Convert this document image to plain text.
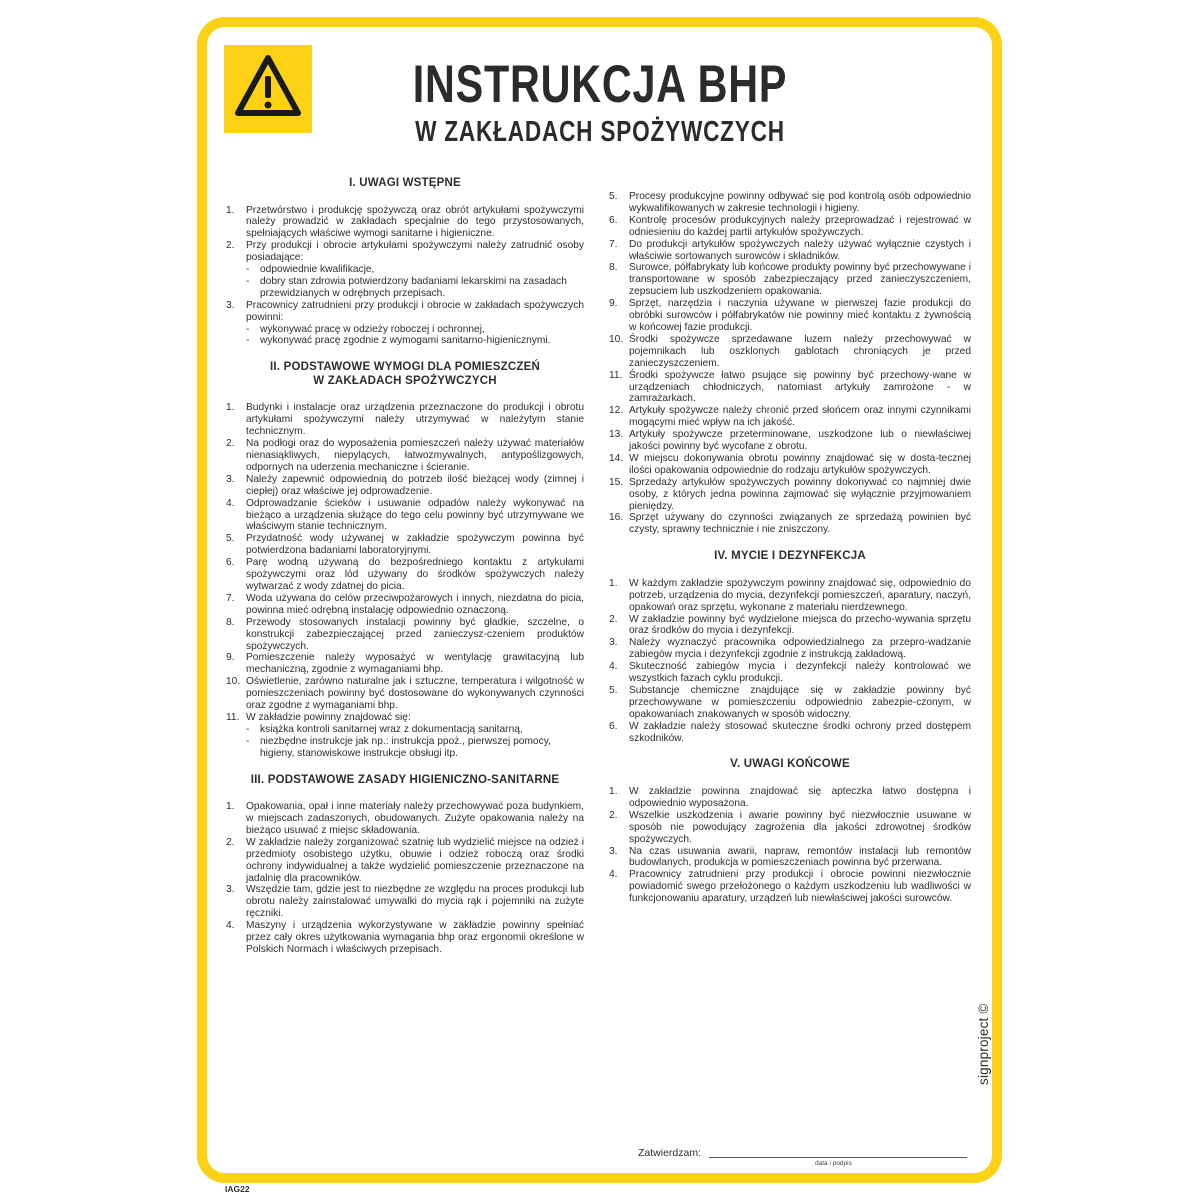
INSTRUKCJA BHP
W ZAKŁADACH SPOŻYWCZYCH
I. UWAGI WSTĘPNE
1.	Przetwórstwo i produkcję spożywczą oraz obrót artykułami spożywczymi należy prowadzić w zakładach specjalnie do tego przystosowanych, spełniających właściwe wymogi sanitarne i higieniczne.
2.	Przy produkcji i obrocie artykułami spożywczymi należy zatrudnić osoby posiadające:
-	odpowiednie kwalifikacje,
-	dobry stan zdrowia potwierdzony badaniami lekarskimi na zasadach przewidzianych w odrębnych przepisach.
3.	Pracownicy zatrudnieni przy produkcji i obrocie w zakładach spożywczych powinni:
-	wykonywać pracę w odzieży roboczej i ochronnej,
-	wykonywać pracę zgodnie z wymogami sanitarno-higienicznymi.
II. PODSTAWOWE WYMOGI DLA POMIESZCZEŃ
W ZAKŁADACH SPOŻYWCZYCH
1.	Budynki i instalacje oraz urządzenia przeznaczone do produkcji i obrotu artykułami spożywczymi należy utrzymywać w należytym stanie technicznym.
2.	Na podłogi oraz do wyposażenia pomieszczeń należy używać materiałów nienasiąkliwych, niepylących, łatwozmywalnych, antypoślizgowych, odpornych na uderzenia mechaniczne i ścieranie.
3.	Należy zapewnić odpowiednią do potrzeb ilość bieżącej wody (zimnej i ciepłej) oraz właściwe jej odprowadzenie.
4.	Odprowadzanie ścieków i usuwanie odpadów należy wykonywać na bieżąco a urządzenia służące do tego celu powinny być utrzymywane we właściwym stanie technicznym.
5.	Przydatność wody używanej w zakładzie spożywczym powinna być potwierdzona badaniami laboratoryjnymi.
6.	Parę wodną używaną do bezpośredniego kontaktu z artykułami spożywczymi oraz lód używany do środków spożywczych należy wytwarzać z wody zdatnej do picia.
7.	Woda używana do celów przeciwpożarowych i innych, niezdatna do picia, powinna mieć odrębną instalację odpowiednio oznaczoną.
8.	Przewody stosowanych instalacji powinny być gładkie, szczelne, o konstrukcji zabezpieczającej przed zanieczysz-czeniem produktów spożywczych.
9.	Pomieszczenie należy wyposażyć w wentylację grawitacyjną lub mechaniczną, zgodnie z wymaganiami bhp.
10. Oświetlenie, zarówno naturalne jak i sztuczne, temperatura i wilgotność w pomieszczeniach powinny być dostosowane do wykonywanych czynności oraz zgodne z wymaganiami bhp.
11. W zakładzie powinny znajdować się:
-	książka kontroli sanitarnej wraz z dokumentacją sanitarną,
-	niezbędne instrukcje jak np.: instrukcja ppoż., pierwszej pomocy, higieny, stanowiskowe instrukcje obsługi itp.
III. PODSTAWOWE ZASADY HIGIENICZNO-SANITARNE
1.	Opakowania, opał i inne materiały należy przechowywać poza budynkiem, w miejscach zadaszonych, obudowanych. Zużyte opakowania należy na bieżąco usuwać z miejsc składowania.
2.	W zakładzie należy zorganizować szatnię lub wydzielić miejsce na odzież i przedmioty osobistego użytku, obuwie i odzież roboczą oraz środki ochrony indywidualnej a także wydzielić pomieszczenie przeznaczone na jadalnię dla pracowników.
3.	Wszędzie tam, gdzie jest to niezbędne ze względu na proces produkcji lub obrotu należy zainstalować umywalki do mycia rąk i pojemniki na zużyte ręczniki.
4.	Maszyny i urządzenia wykorzystywane w zakładzie powinny spełniać przez cały okres użytkowania wymagania bhp oraz ergonomii określone w Polskich Normach i właściwych przepisach.
5.	Procesy produkcyjne powinny odbywać się pod kontrolą osób odpowiednio wykwalifikowanych w zakresie technologii i higieny.
6.	Kontrolę procesów produkcyjnych należy przeprowadzać i rejestrować w odniesieniu do każdej partii artykułów spożywczych.
7.	Do produkcji artykułów spożywczych należy używać wyłącznie czystych i właściwie sortowanych surowców i składników.
8.	Surowce, półfabrykaty lub końcowe produkty powinny być przechowywane i transportowane w sposób zabezpieczający przed zanieczyszczeniem, zepsuciem lub uszkodzeniem opakowania.
9.	Sprzęt, narzędzia i naczynia używane w pierwszej fazie produkcji do obróbki surowców i półfabrykatów nie powinny mieć kontaktu z żywnością w końcowej fazie produkcji.
10. Środki spożywcze sprzedawane luzem należy przechowywać w pojemnikach lub oszklonych gablotach chroniących je przed zanieczyszczeniem.
11. Środki spożywcze łatwo psujące się powinny być przechowy-wane w urządzeniach chłodniczych, natomiast artykuły zamrożone - w zamrażarkach.
12. Artykuły spożywcze należy chronić przed słońcem oraz innymi czynnikami mogącymi mieć wpływ na ich jakość.
13. Artykuły spożywcze przeterminowane, uszkodzone lub o niewłaściwej jakości powinny być wycofane z obrotu.
14. W miejscu dokonywania obrotu powinny znajdować się w dosta-tecznej ilości opakowania odpowiednie do rodzaju artykułów spożywczych.
15. Sprzedaży artykułów spożywczych powinny dokonywać co najmniej dwie osoby, z których jedna powinna zajmować się wyłącznie przyjmowaniem pieniędzy.
16. Sprzęt używany do czynności związanych ze sprzedażą powinien być czysty, sprawny technicznie i nie zniszczony.
IV. MYCIE I DEZYNFEKCJA
1.	W każdym zakładzie spożywczym powinny znajdować się, odpowiednio do potrzeb, urządzenia do mycia, dezynfekcji pomieszczeń, aparatury, naczyń, opakowań oraz sprzętu, wykonane z materiału nierdzewnego.
2.	W zakładzie powinny być wydzielone miejsca do przecho-wywania sprzętu oraz środków do mycia i dezynfekcji.
3.	Należy wyznaczyć pracownika odpowiedzialnego za przepro-wadzanie zabiegów mycia i dezynfekcji zgodnie z instrukcją zakładową.
4.	Skuteczność zabiegów mycia i dezynfekcji należy kontrolować we wszystkich fazach cyklu produkcji.
5.	Substancje chemiczne znajdujące się w zakładzie powinny być przechowywane w pomieszczeniu odpowiednio zabezpie-czonym, w opakowaniach znakowanych w sposób widoczny.
6.	W zakładzie należy stosować skuteczne środki ochrony przed dostępem szkodników.
V. UWAGI KOŃCOWE
1.	W zakładzie powinna znajdować się apteczka łatwo dostępna i odpowiednio wyposażona.
2.	Wszelkie uszkodzenia i awarie powinny być niezwłocznie usuwane w sposób nie powodujący zagrożenia dla jakości zdrowotnej środków spożywczych.
3.	Na czas usuwania awarii, napraw, remontów instalacji lub remontów budowlanych, produkcja w pomieszczeniach powinna być przerwana.
4.	Pracownicy zatrudnieni przy produkcji i obrocie powinni niezwłocznie powiadomić swego przełożonego o każdym uszkodzeniu lub wadliwości w funkcjonowaniu aparatury, urządzeń lub niewłaściwej jakości surowców.
Zatwierdzam:
data i podpis
IAG22
signproject ©
